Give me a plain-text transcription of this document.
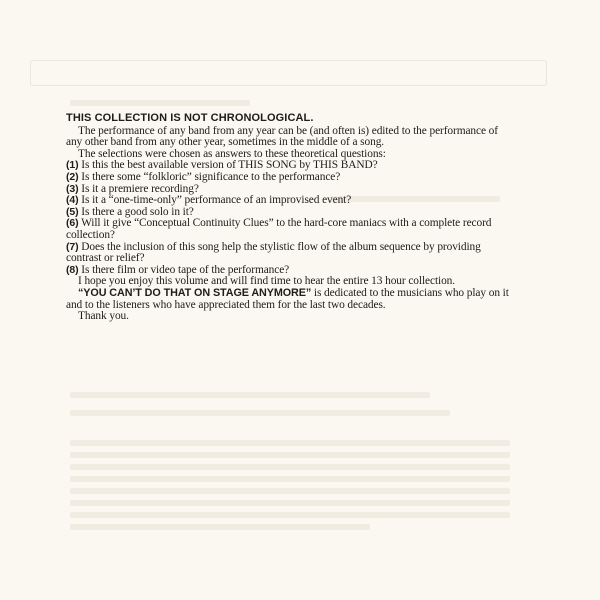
THIS COLLECTION IS NOT CHRONOLOGICAL.

The performance of any band from any year can be (and often is) edited to the performance of any other band from any other year, sometimes in the middle of a song.

The selections were chosen as answers to these theoretical questions:

(1) Is this the best available version of THIS SONG by THIS BAND?

(2) Is there some “folkloric” significance to the performance?

(3) Is it a premiere recording?

(4) Is it a “one-time-only” performance of an improvised event?

(5) Is there a good solo in it?

(6) Will it give “Conceptual Continuity Clues” to the hard-core maniacs with a complete record collection?

(7) Does the inclusion of this song help the stylistic flow of the album sequence by providing contrast or relief?

(8) Is there film or video tape of the performance?

I hope you enjoy this volume and will find time to hear the entire 13 hour collection.

“YOU CAN’T DO THAT ON STAGE ANYMORE” is dedicated to the musicians who play on it and to the listeners who have appreciated them for the last two decades.

Thank you.
